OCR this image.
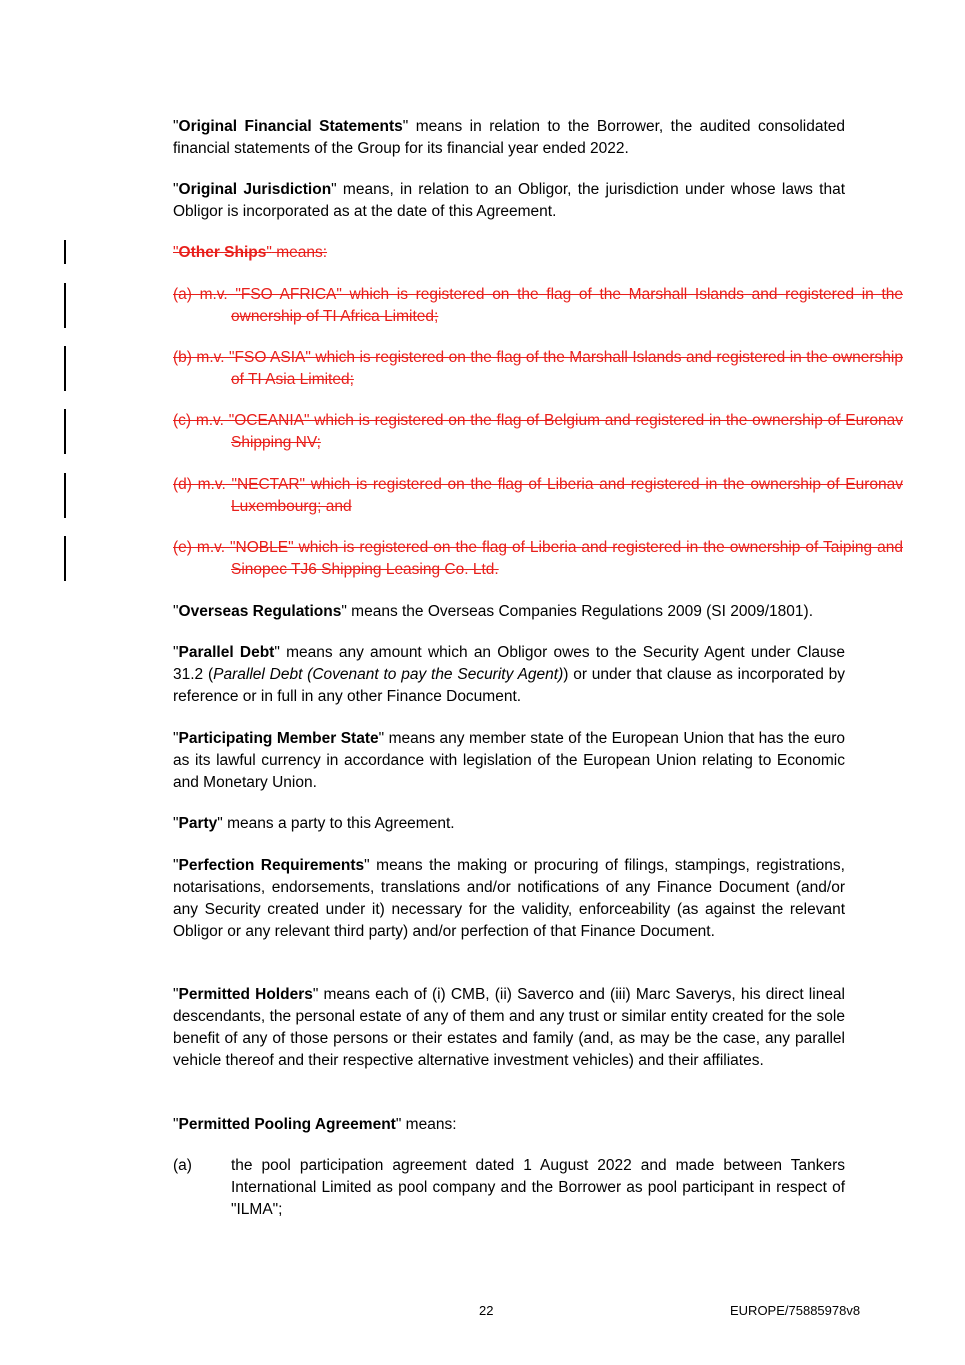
"Original Financial Statements" means in relation to the Borrower, the audited consolidated financial statements of the Group for its financial year ended 2022.

"Original Jurisdiction" means, in relation to an Obligor, the jurisdiction under whose laws that Obligor is incorporated as at the date of this Agreement.

"Other Ships" means:

(a) m.v. "FSO AFRICA" which is registered on the flag of the Marshall Islands and registered in the ownership of TI Africa Limited;

(b) m.v. "FSO ASIA" which is registered on the flag of the Marshall Islands and registered in the ownership of TI Asia Limited;

(c) m.v. "OCEANIA" which is registered on the flag of Belgium and registered in the ownership of Euronav Shipping NV;

(d) m.v. "NECTAR" which is registered on the flag of Liberia and registered in the ownership of Euronav Luxembourg; and

(e) m.v. "NOBLE" which is registered on the flag of Liberia and registered in the ownership of Taiping and Sinopec TJ6 Shipping Leasing Co. Ltd.

"Overseas Regulations" means the Overseas Companies Regulations 2009 (SI 2009/1801).

"Parallel Debt" means any amount which an Obligor owes to the Security Agent under Clause 31.2 (Parallel Debt (Covenant to pay the Security Agent)) or under that clause as incorporated by reference or in full in any other Finance Document.

"Participating Member State" means any member state of the European Union that has the euro as its lawful currency in accordance with legislation of the European Union relating to Economic and Monetary Union.

"Party" means a party to this Agreement.

"Perfection Requirements" means the making or procuring of filings, stampings, registrations, notarisations, endorsements, translations and/or notifications of any Finance Document (and/or any Security created under it) necessary for the validity, enforceability (as against the relevant Obligor or any relevant third party) and/or perfection of that Finance Document.

"Permitted Holders" means each of (i) CMB, (ii) Saverco and (iii) Marc Saverys, his direct lineal descendants, the personal estate of any of them and any trust or similar entity created for the sole benefit of any of those persons or their estates and family (and, as may be the case, any parallel vehicle thereof and their respective alternative investment vehicles) and their affiliates.

"Permitted Pooling Agreement" means:

(a)	the pool participation agreement dated 1 August 2022 and made between Tankers International Limited as pool company and the Borrower as pool participant in respect of "ILMA";
22	EUROPE/75885978v8
